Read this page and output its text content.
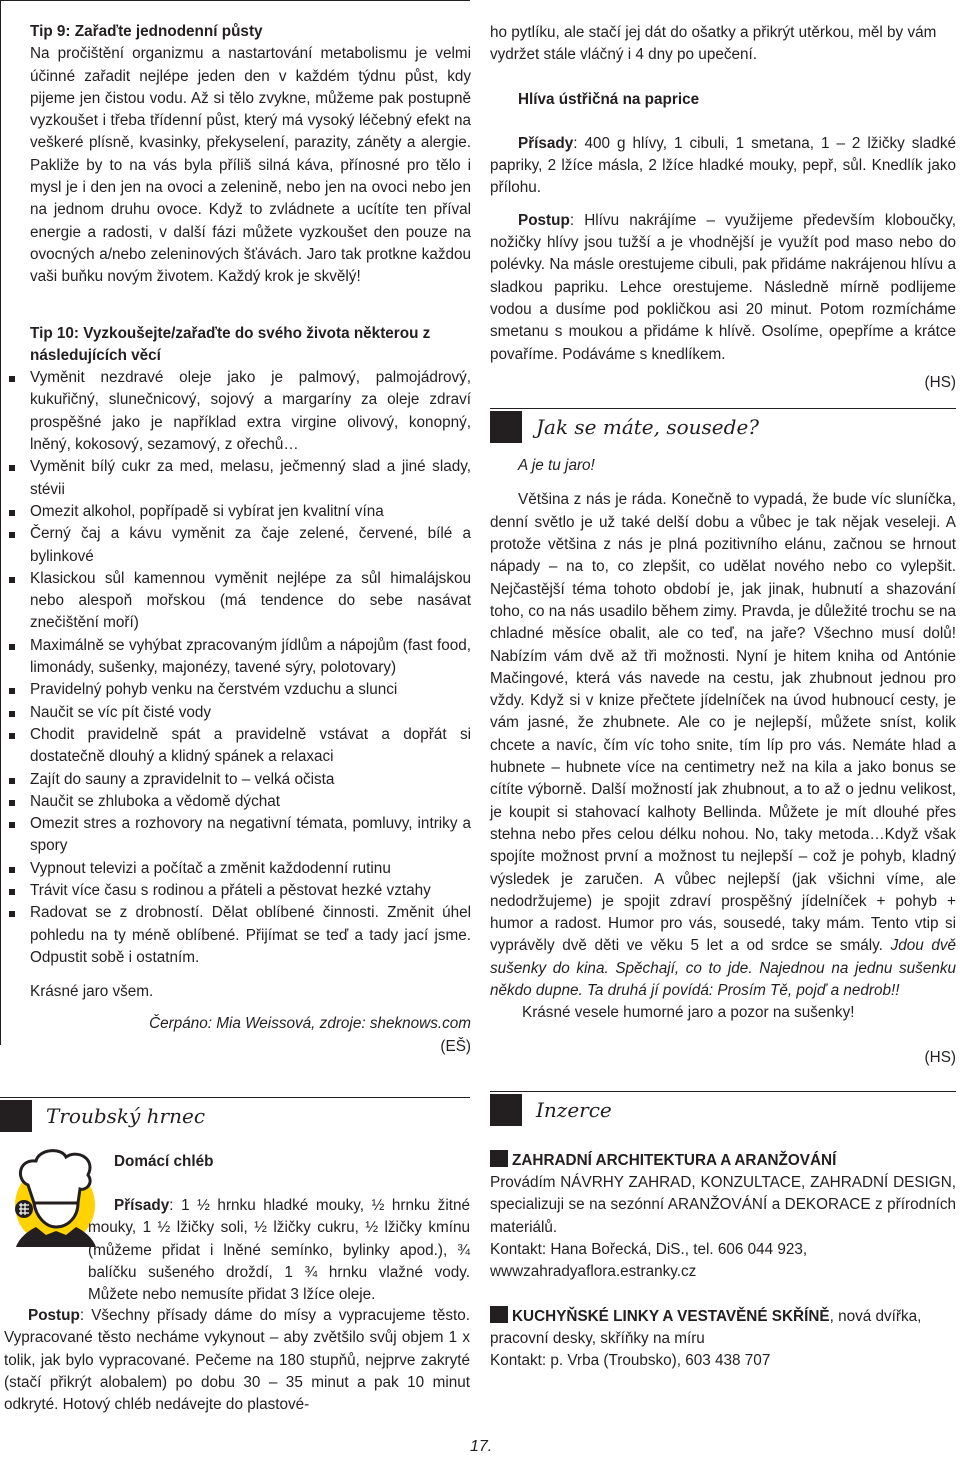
Tip 9: Zařaďte jednodenní půsty

Na pročištění organizmu a nastartování metabolismu je velmi účinné zařadit nejlépe jeden den v každém týdnu půst, kdy pijeme jen čistou vodu. Až si tělo zvykne, můžeme pak postupně vyzkoušet i třeba třídenní půst, který má vysoký léčebný efekt na veškeré plísně, kvasinky, překyselení, parazity, záněty a alergie. Pakliže by to na vás byla příliš silná káva, přínosné pro tělo i mysl je i den jen na ovoci a zelenině, nebo jen na ovoci nebo jen na jednom druhu ovoce. Když to zvládnete a ucítíte ten příval energie a radosti, v další fázi můžete vyzkoušet den pouze na ovocných a/nebo zeleninových šťávách. Jaro tak protkne každou vaši buňku novým životem. Každý krok je skvělý!

Tip 10: Vyzkoušejte/zařaďte do svého života některou z následujících věcí

Vyměnit nezdravé oleje jako je palmový, palmojádrový, kukuřičný, slunečnicový, sojový a margaríny za oleje zdraví prospěšné jako je například extra virgine olivový, konopný, lněný, kokosový, sezamový, z ořechů…
Vyměnit bílý cukr za med, melasu, ječmenný slad a jiné slady, stévii
Omezit alkohol, popřípadě si vybírat jen kvalitní vína
Černý čaj a kávu vyměnit za čaje zelené, červené, bílé a bylinkové
Klasickou sůl kamennou vyměnit nejlépe za sůl himalájskou nebo alespoň mořskou (má tendence do sebe nasávat znečištění moří)
Maximálně se vyhýbat zpracovaným jídlům a nápojům (fast food, limonády, sušenky, majonézy, tavené sýry, polotovary)
Pravidelný pohyb venku na čerstvém vzduchu a slunci
Naučit se víc pít čisté vody
Chodit pravidelně spát a pravidelně vstávat a dopřát si dostatečně dlouhý a klidný spánek a relaxaci
Zajít do sauny a zpravidelnit to – velká očista
Naučit se zhluboka a vědomě dýchat
Omezit stres a rozhovory na negativní témata, pomluvy, intriky a spory
Vypnout televizi a počítač a změnit každodenní rutinu
Trávit více času s rodinou a přáteli a pěstovat hezké vztahy
Radovat se z drobností. Dělat oblíbené činnosti. Změnit úhel pohledu na ty méně oblíbené. Přijímat se teď a tady jací jsme. Odpustit sobě i ostatním.

Krásné jaro všem.

Čerpáno: Mia Weissová, zdroje: sheknows.com

(EŠ)

Troubský hrnec

Domácí chléb

Přísady: 1 ½ hrnku hladké mouky, ½ hrnku žitné mouky, 1 ½ lžičky soli, ½ lžičky cukru, ½ lžičky kmínu (můžeme přidat i lněné semínko, bylinky apod.), ¾ balíčku sušeného droždí, 1 ¾ hrnku vlažné vody. Můžete nebo nemusíte přidat 3 lžíce oleje.

ho pytlíku, ale stačí jej dát do ošatky a přikrýt utěrkou, měl by vám vydržet stále vláčný i 4 dny po upečení.

Hlíva ústřičná na paprice

Přísady: 400 g hlívy, 1 cibuli, 1 smetana, 1 – 2 lžičky sladké papriky, 2 lžíce másla, 2 lžíce hladké mouky, pepř, sůl. Knedlík jako přílohu.

Postup: Hlívu nakrájíme – využijeme především kloboučky, nožičky hlívy jsou tužší a je vhodnější je využít pod maso nebo do polévky. Na másle orestujeme cibuli, pak přidáme nakrájenou hlívu a sladkou papriku. Lehce orestujeme. Následně mírně podlijeme vodou a dusíme pod pokličkou asi 20 minut. Potom rozmícháme smetanu s moukou a přidáme k hlívě. Osolíme, opepříme a krátce povaříme. Podáváme s knedlíkem.

(HS)

Jak se máte, sousede?

A je tu jaro!

Většina z nás je ráda. Konečně to vypadá, že bude víc sluníčka, denní světlo je už také delší dobu a vůbec je tak nějak veseleji. A protože většina z nás je plná pozitivního elánu, začnou se hrnout nápady – na to, co zlepšit, co udělat nového nebo co vylepšit. Nejčastější téma tohoto období je, jak jinak, hubnutí a shazování toho, co na nás usadilo během zimy. Pravda, je důležité trochu se na chladné měsíce obalit, ale co teď, na jaře? Všechno musí dolů! Nabízím vám dvě až tři možnosti. Nyní je hitem kniha od Antónie Mačingové, která vás navede na cestu, jak zhubnout jednou pro vždy. Když si v knize přečtete jídelníček na úvod hubnoucí cesty, je vám jasné, že zhubnete. Ale co je nejlepší, můžete sníst, kolik chcete a navíc, čím víc toho snite, tím líp pro vás. Nemáte hlad a hubnete – hubnete více na centimetry než na kila a jako bonus se cítíte výborně. Další možností jak zhubnout, a to až o jednu velikost, je koupit si stahovací kalhoty Bellinda. Můžete je mít dlouhé přes stehna nebo přes celou délku nohou. No, taky metoda…Když však spojíte možnost první a možnost tu nejlepší – což je pohyb, kladný výsledek je zaručen. A vůbec nejlepší (jak všichni víme, ale nedodržujeme) je spojit zdraví prospěšný jídelníček + pohyb + humor a radost. Humor pro vás, sousedé, taky mám. Tento vtip si vyprávěly dvě děti ve věku 5 let a od srdce se smály. Jdou dvě sušenky do kina. Spěchají, co to jde. Najednou na jednu sušenku někdo dupne. Ta druhá jí povídá: Prosím Tě, pojď a nedrob!!

Krásné vesele humorné jaro a pozor na sušenky!

(HS)

Inzerce

ZAHRADNÍ ARCHITEKTURA A ARANŽOVÁNÍ

Provádím NÁVRHY ZAHRAD, KONZULTACE, ZAHRADNÍ DESIGN, specializuji se na sezónní ARANŽOVÁNÍ a DEKORACE z přírodních materiálů.

Kontakt: Hana Bořecká, DiS., tel. 606 044 923, wwwzahradyaflora.estranky.cz

KUCHYŇSKÉ LINKY A VESTAVĚNÉ SKŘÍNĚ, nová dvířka, pracovní desky, skříňky na míru

Kontakt: p. Vrba (Troubsko), 603 438 707

Postup: Všechny přísady dáme do mísy a vypracujeme těsto. Vypracované těsto necháme vykynout – aby zvětšilo svůj objem 1 x tolik, jak bylo vypracované. Pečeme na 180 stupňů, nejprve zakryté (stačí přikrýt alobalem) po dobu 30 – 35 minut a pak 10 minut odkryté. Hotový chléb nedávejte do plastové-

17.
